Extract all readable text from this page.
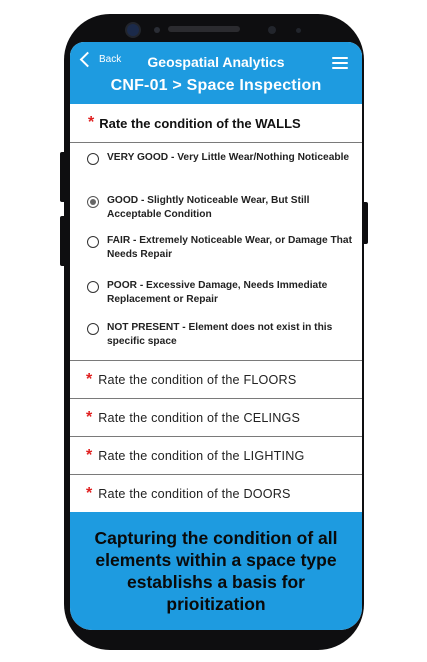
Back	Geospatial Analytics
CNF-01 > Space Inspection
* Rate the condition of the WALLS
VERY GOOD - Very Little Wear/Nothing Noticeable
GOOD - Slightly Noticeable Wear, But Still Acceptable Condition
FAIR - Extremely Noticeable Wear, or Damage That Needs Repair
POOR - Excessive Damage, Needs Immediate Replacement or Repair
NOT PRESENT - Element does not exist in this specific space
* Rate the condition of the FLOORS
* Rate the condition of the CELINGS
* Rate the condition of the LIGHTING
* Rate the condition of the DOORS
Capturing the condition of all elements within a space type establishs a basis for prioitization
